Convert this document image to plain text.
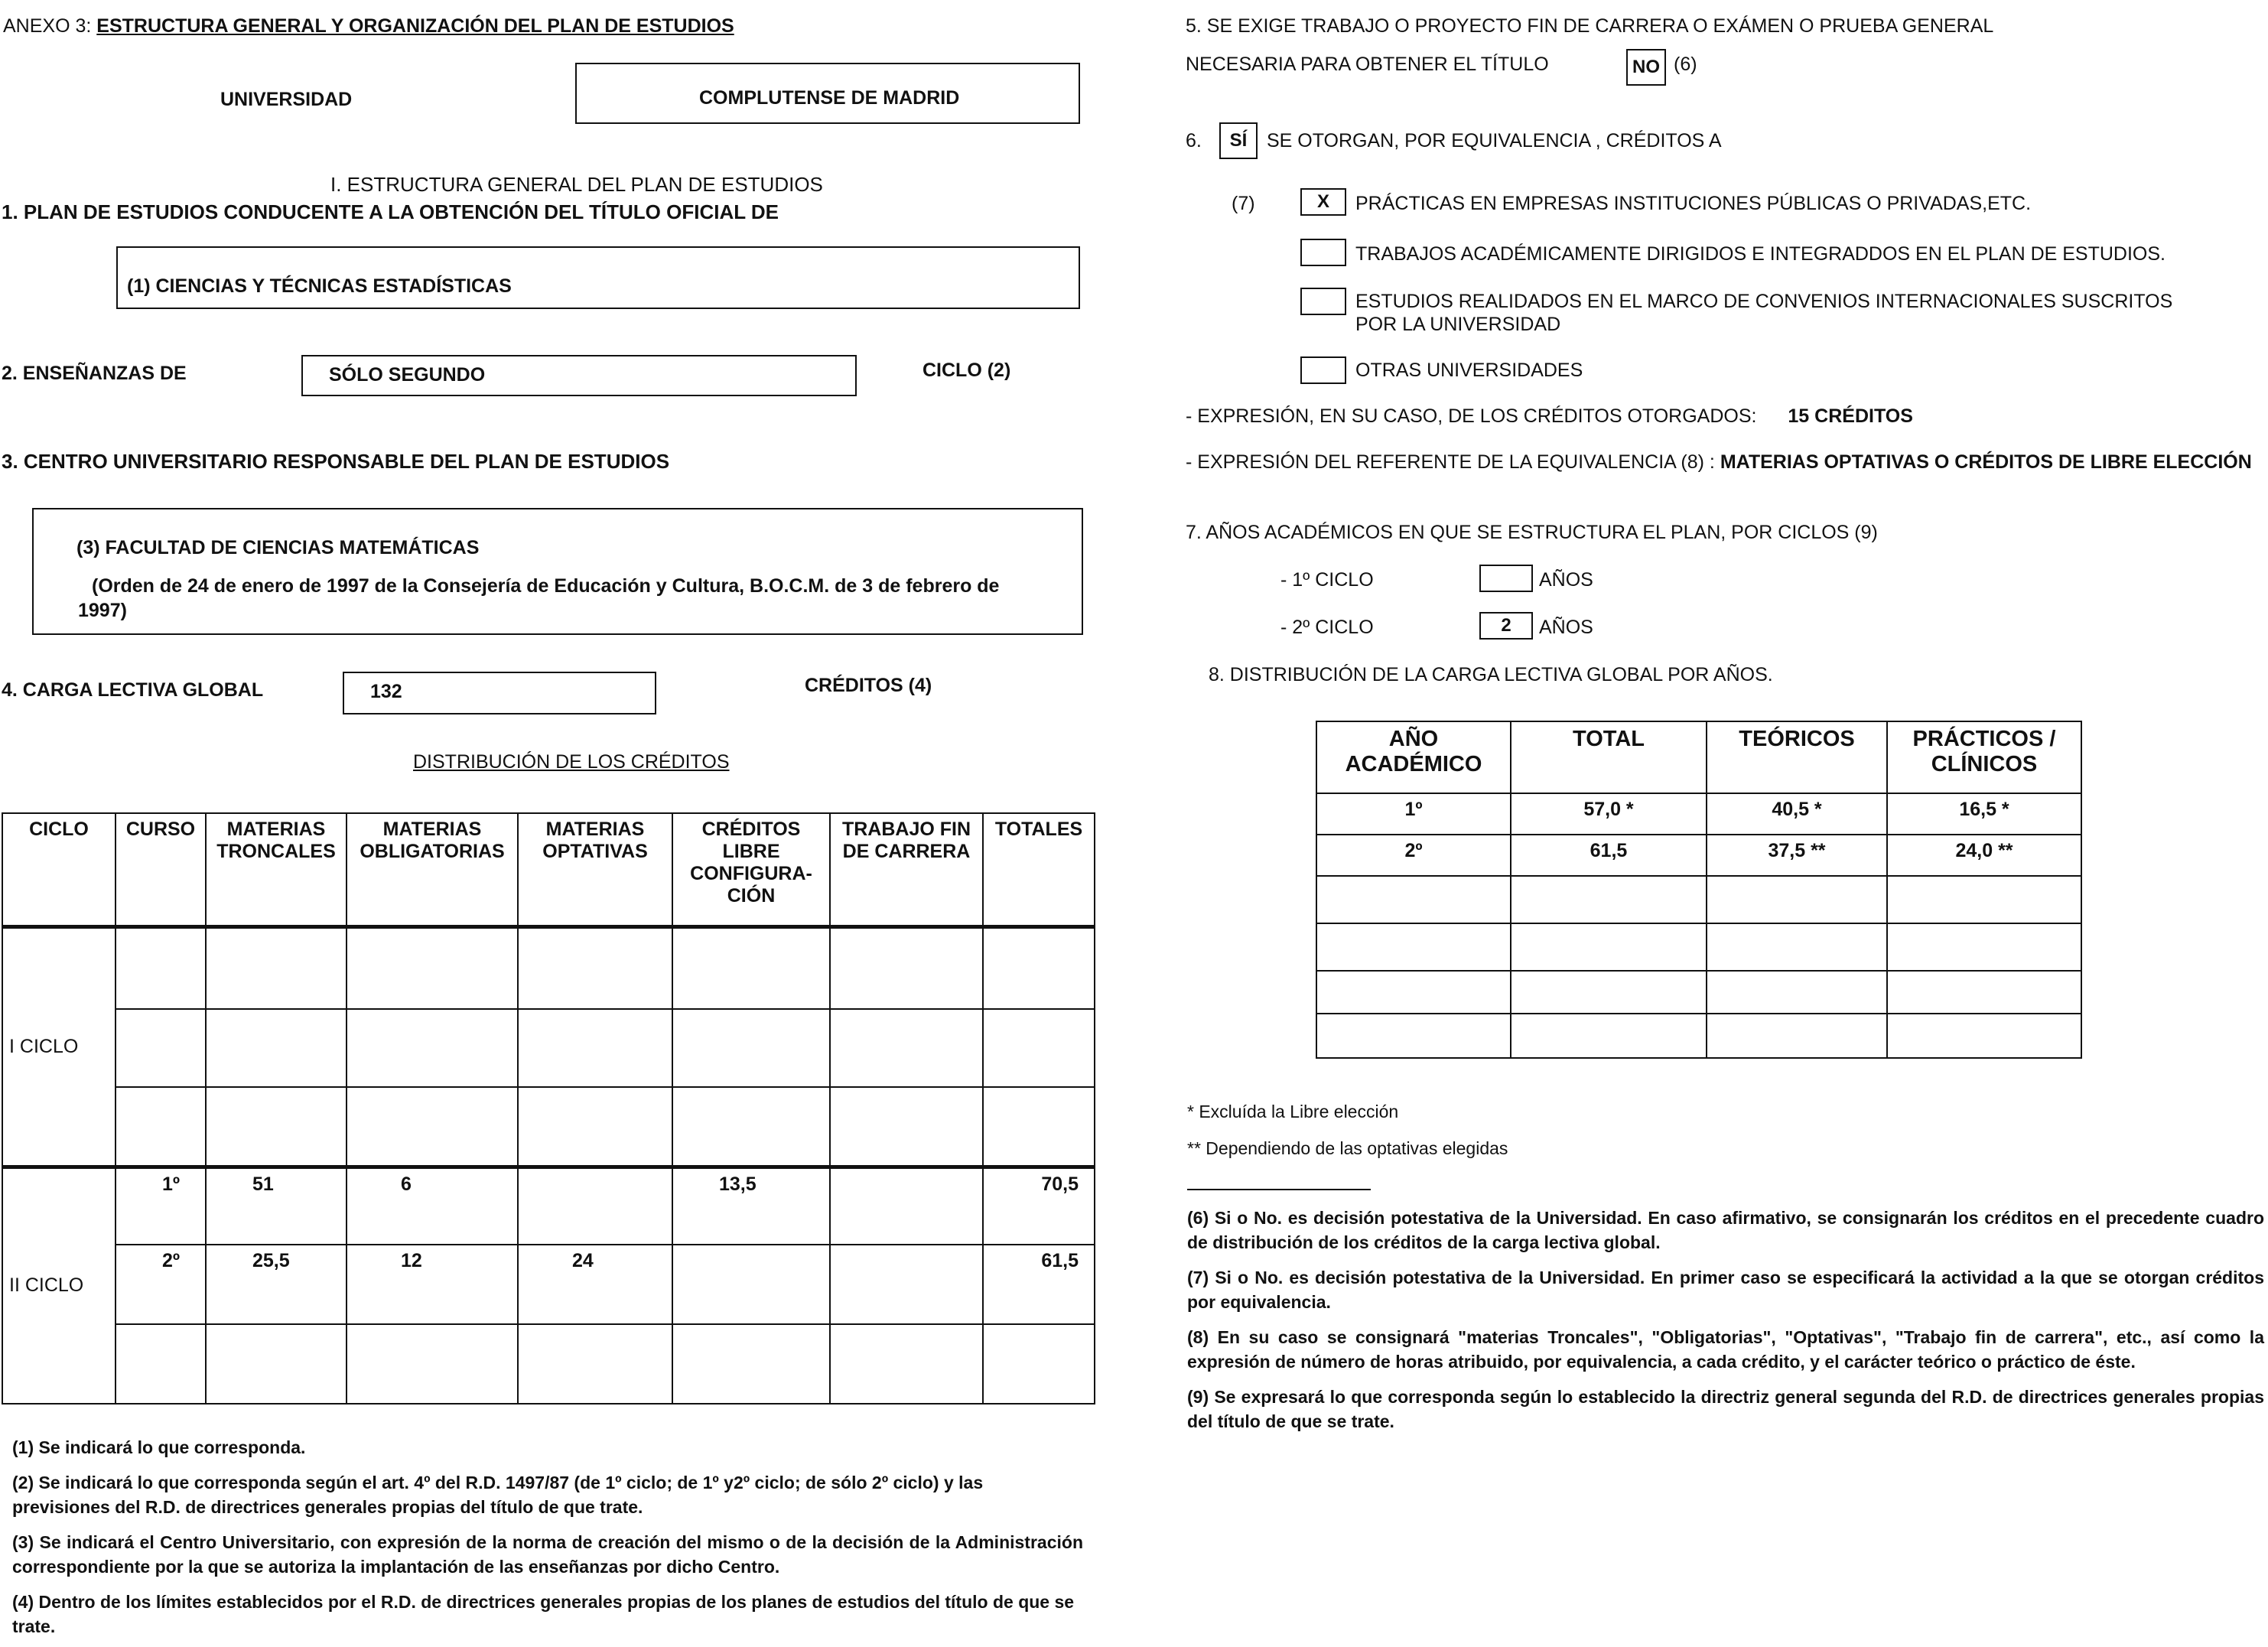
ANEXO 3: ESTRUCTURA GENERAL Y ORGANIZACIÓN DEL PLAN DE ESTUDIOS
UNIVERSIDAD	COMPLUTENSE DE MADRID
I. ESTRUCTURA GENERAL DEL PLAN DE ESTUDIOS
1. PLAN DE ESTUDIOS CONDUCENTE A LA OBTENCIÓN DEL TÍTULO OFICIAL DE
(1) CIENCIAS Y TÉCNICAS ESTADÍSTICAS
2. ENSEÑANZAS DE	SÓLO SEGUNDO	CICLO (2)
3. CENTRO UNIVERSITARIO RESPONSABLE DEL PLAN DE ESTUDIOS
(3) FACULTAD DE CIENCIAS MATEMÁTICAS
(Orden de 24 de enero de 1997 de la Consejería de Educación y Cultura, B.O.C.M. de 3 de febrero de
1997)
4. CARGA LECTIVA GLOBAL	132	CRÉDITOS (4)
DISTRIBUCIÓN DE LOS CRÉDITOS
CICLO	CURSO	MATERIAS TRONCALES	MATERIAS OBLIGATORIAS	MATERIAS OPTATIVAS	CRÉDITOS LIBRE CONFIGURA-CIÓN	TRABAJO FIN DE CARRERA	TOTALES
I CICLO							

II CICLO	1º	51	6		13,5		70,5
	2º	25,5	12	24			61,5

(1) Se indicará lo que corresponda.
(2) Se indicará lo que corresponda según el art. 4º del R.D. 1497/87 (de 1º ciclo; de 1º y2º ciclo; de sólo 2º ciclo) y las previsiones del R.D. de directrices generales propias del título de que trate.
(3) Se indicará el Centro Universitario, con expresión de la norma de creación del mismo o de la decisión de la Administración correspondiente por la que se autoriza la implantación de las enseñanzas por dicho Centro.
(4) Dentro de los límites establecidos por el R.D. de directrices generales propias de los planes de estudios del título de que se trate.
5. SE EXIGE TRABAJO O PROYECTO FIN DE CARRERA O EXÁMEN O PRUEBA GENERAL
NECESARIA PARA OBTENER EL TÍTULO	NO (6)
6.	SÍ	SE OTORGAN, POR EQUIVALENCIA , CRÉDITOS A
(7)	X	PRÁCTICAS EN EMPRESAS INSTITUCIONES PÚBLICAS O PRIVADAS,ETC.
TRABAJOS ACADÉMICAMENTE DIRIGIDOS E INTEGRADDOS EN EL PLAN DE ESTUDIOS.
ESTUDIOS REALIDADOS EN EL MARCO DE CONVENIOS INTERNACIONALES SUSCRITOS
POR LA UNIVERSIDAD
OTRAS UNIVERSIDADES
- EXPRESIÓN, EN SU CASO, DE LOS CRÉDITOS OTORGADOS: 15 CRÉDITOS
- EXPRESIÓN DEL REFERENTE DE LA EQUIVALENCIA (8) : MATERIAS OPTATIVAS O CRÉDITOS DE LIBRE ELECCIÓN
7. AÑOS ACADÉMICOS EN QUE SE ESTRUCTURA EL PLAN, POR CICLOS (9)
- 1º CICLO	AÑOS
- 2º CICLO	2	AÑOS
8. DISTRIBUCIÓN DE LA CARGA LECTIVA GLOBAL POR AÑOS.
AÑO ACADÉMICO	TOTAL	TEÓRICOS	PRÁCTICOS / CLÍNICOS
1º	57,0 *	40,5 *	16,5 *
2º	61,5	37,5 **	24,0 **

* Excluída la Libre elección
** Dependiendo de las optativas elegidas
(6) Si o No. es decisión potestativa de la Universidad. En caso afirmativo, se consignarán los créditos en el precedente cuadro de distribución de los créditos de la carga lectiva global.
(7) Si o No. es decisión potestativa de la Universidad. En primer caso se especificará la actividad a la que se otorgan créditos por equivalencia.
(8) En su caso se consignará "materias Troncales", "Obligatorias", "Optativas", "Trabajo fin de carrera", etc., así como la expresión de número de horas atribuido, por equivalencia, a cada crédito, y el carácter teórico o práctico de éste.
(9) Se expresará lo que corresponda según lo establecido la directriz general segunda del R.D. de directrices generales propias del título de que se trate.
